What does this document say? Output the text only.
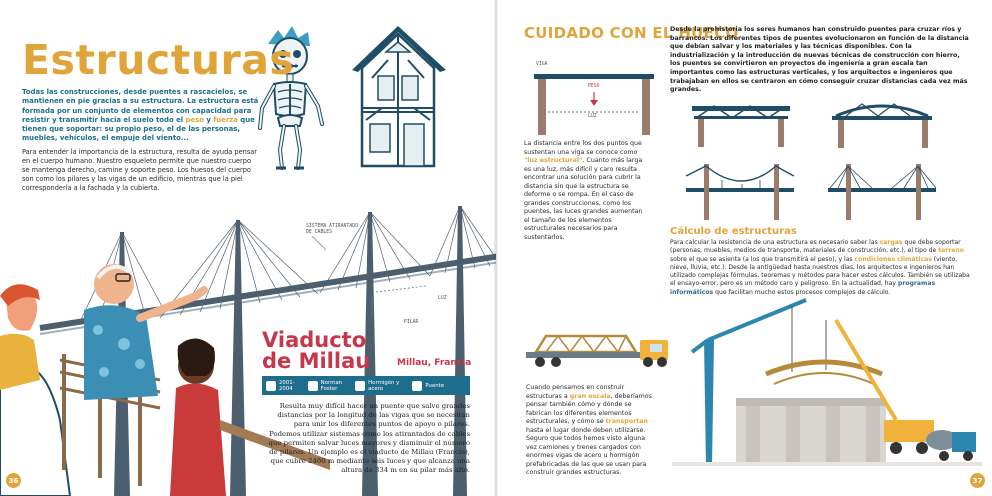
Estructuras

Todas las construcciones, desde puentes a rascacielos, se mantienen en pie gracias a su estructura. La estructura está formada por un conjunto de elementos con capacidad para resistir y transmitir hacia el suelo todo el peso y fuerza que tienen que soportar: su propio peso, el de las personas, muebles, vehículos, el empuje del viento...

Para entender la importancia de la estructura, resulta de ayuda pensar en el cuerpo humano. Nuestro esqueleto permite que nuestro cuerpo se mantenga derecho, camine y soporte peso. Los huesos del cuerpo son como los pilares y las vigas de un edificio, mientras que la piel correspondería a la fachada y la cubierta.

SISTEMA ATIRANTADO
DE CABLES
LUZ
PILAR
Viaducto
de Millau	Millau, Francia
2001-
2004
Norman
Foster
Hormigón y
acero	Puente

Resulta muy difícil hacer un puente que salve grandes distancias por la longitud de las vigas que se necesitan para unir los diferentes puntos de apoyo o pilares. Podemos utilizar sistemas como los atirantados de cables que permiten salvar luces mayores y disminuir el número de pilares. Un ejemplo es el viaducto de Millau (Francia), que cubre 2460 m mediante seis luces y que alcanza una altura de 334 m en su pilar más alto.

36
CUIDADO CON EL HUECO

Desde la prehistoria los seres humanos han construido puentes para cruzar ríos y barrancos. Los diferentes tipos de puentes evolucionaron en función de la distancia que debían salvar y los materiales y las técnicas disponibles. Con la industrialización y la introducción de nuevas técnicas de construcción con hierro, los puentes se convirtieron en proyectos de ingeniería a gran escala tan importantes como las estructuras verticales, y los arquitectos e ingenieros que trabajaban en ellos se centraron en cómo conseguir cruzar distancias cada vez más grandes.

VIGA
PESO
LUZ

La distancia entre los dos puntos que sustentan una viga se conoce como "luz estructural". Cuanto más larga es una luz, más difícil y caro resulta encontrar una solución para cubrir la distancia sin que la estructura se deforme o se rompa. En el caso de grandes construcciones, como los puentes, las luces grandes aumentan el tamaño de los elementos estructurales necesarios para sustentarlos.	Cálculo de estructuras

Para calcular la resistencia de una estructura es necesario saber las cargas que debe soportar (personas, muebles, medios de transporte, materiales de construcción, etc.), el tipo de terreno sobre el que se asienta (a los que transmitirá el peso), y las condiciones climáticas (viento, nieve, lluvia, etc.). Desde la antigüedad hasta nuestros días, los arquitectos e ingenieros han utilizado complejas fórmulas, teoremas y métodos para hacer estos cálculos. También se utilizaba el ensayo-error, pero es un método caro y peligroso. En la actualidad, hay programas informáticos que facilitan mucho estos procesos complejos de cálculo.

Cuando pensamos en construir estructuras a gran escala, deberíamos pensar también cómo y dónde se fabrican los diferentes elementos estructurales, y cómo se transportan hasta el lugar donde deben utilizarse. Seguro que todos hemos visto alguna vez camiones y trenes cargados con enormes vigas de acero u hormigón prefabricadas de las que se usan para construir grandes estructuras.

37
